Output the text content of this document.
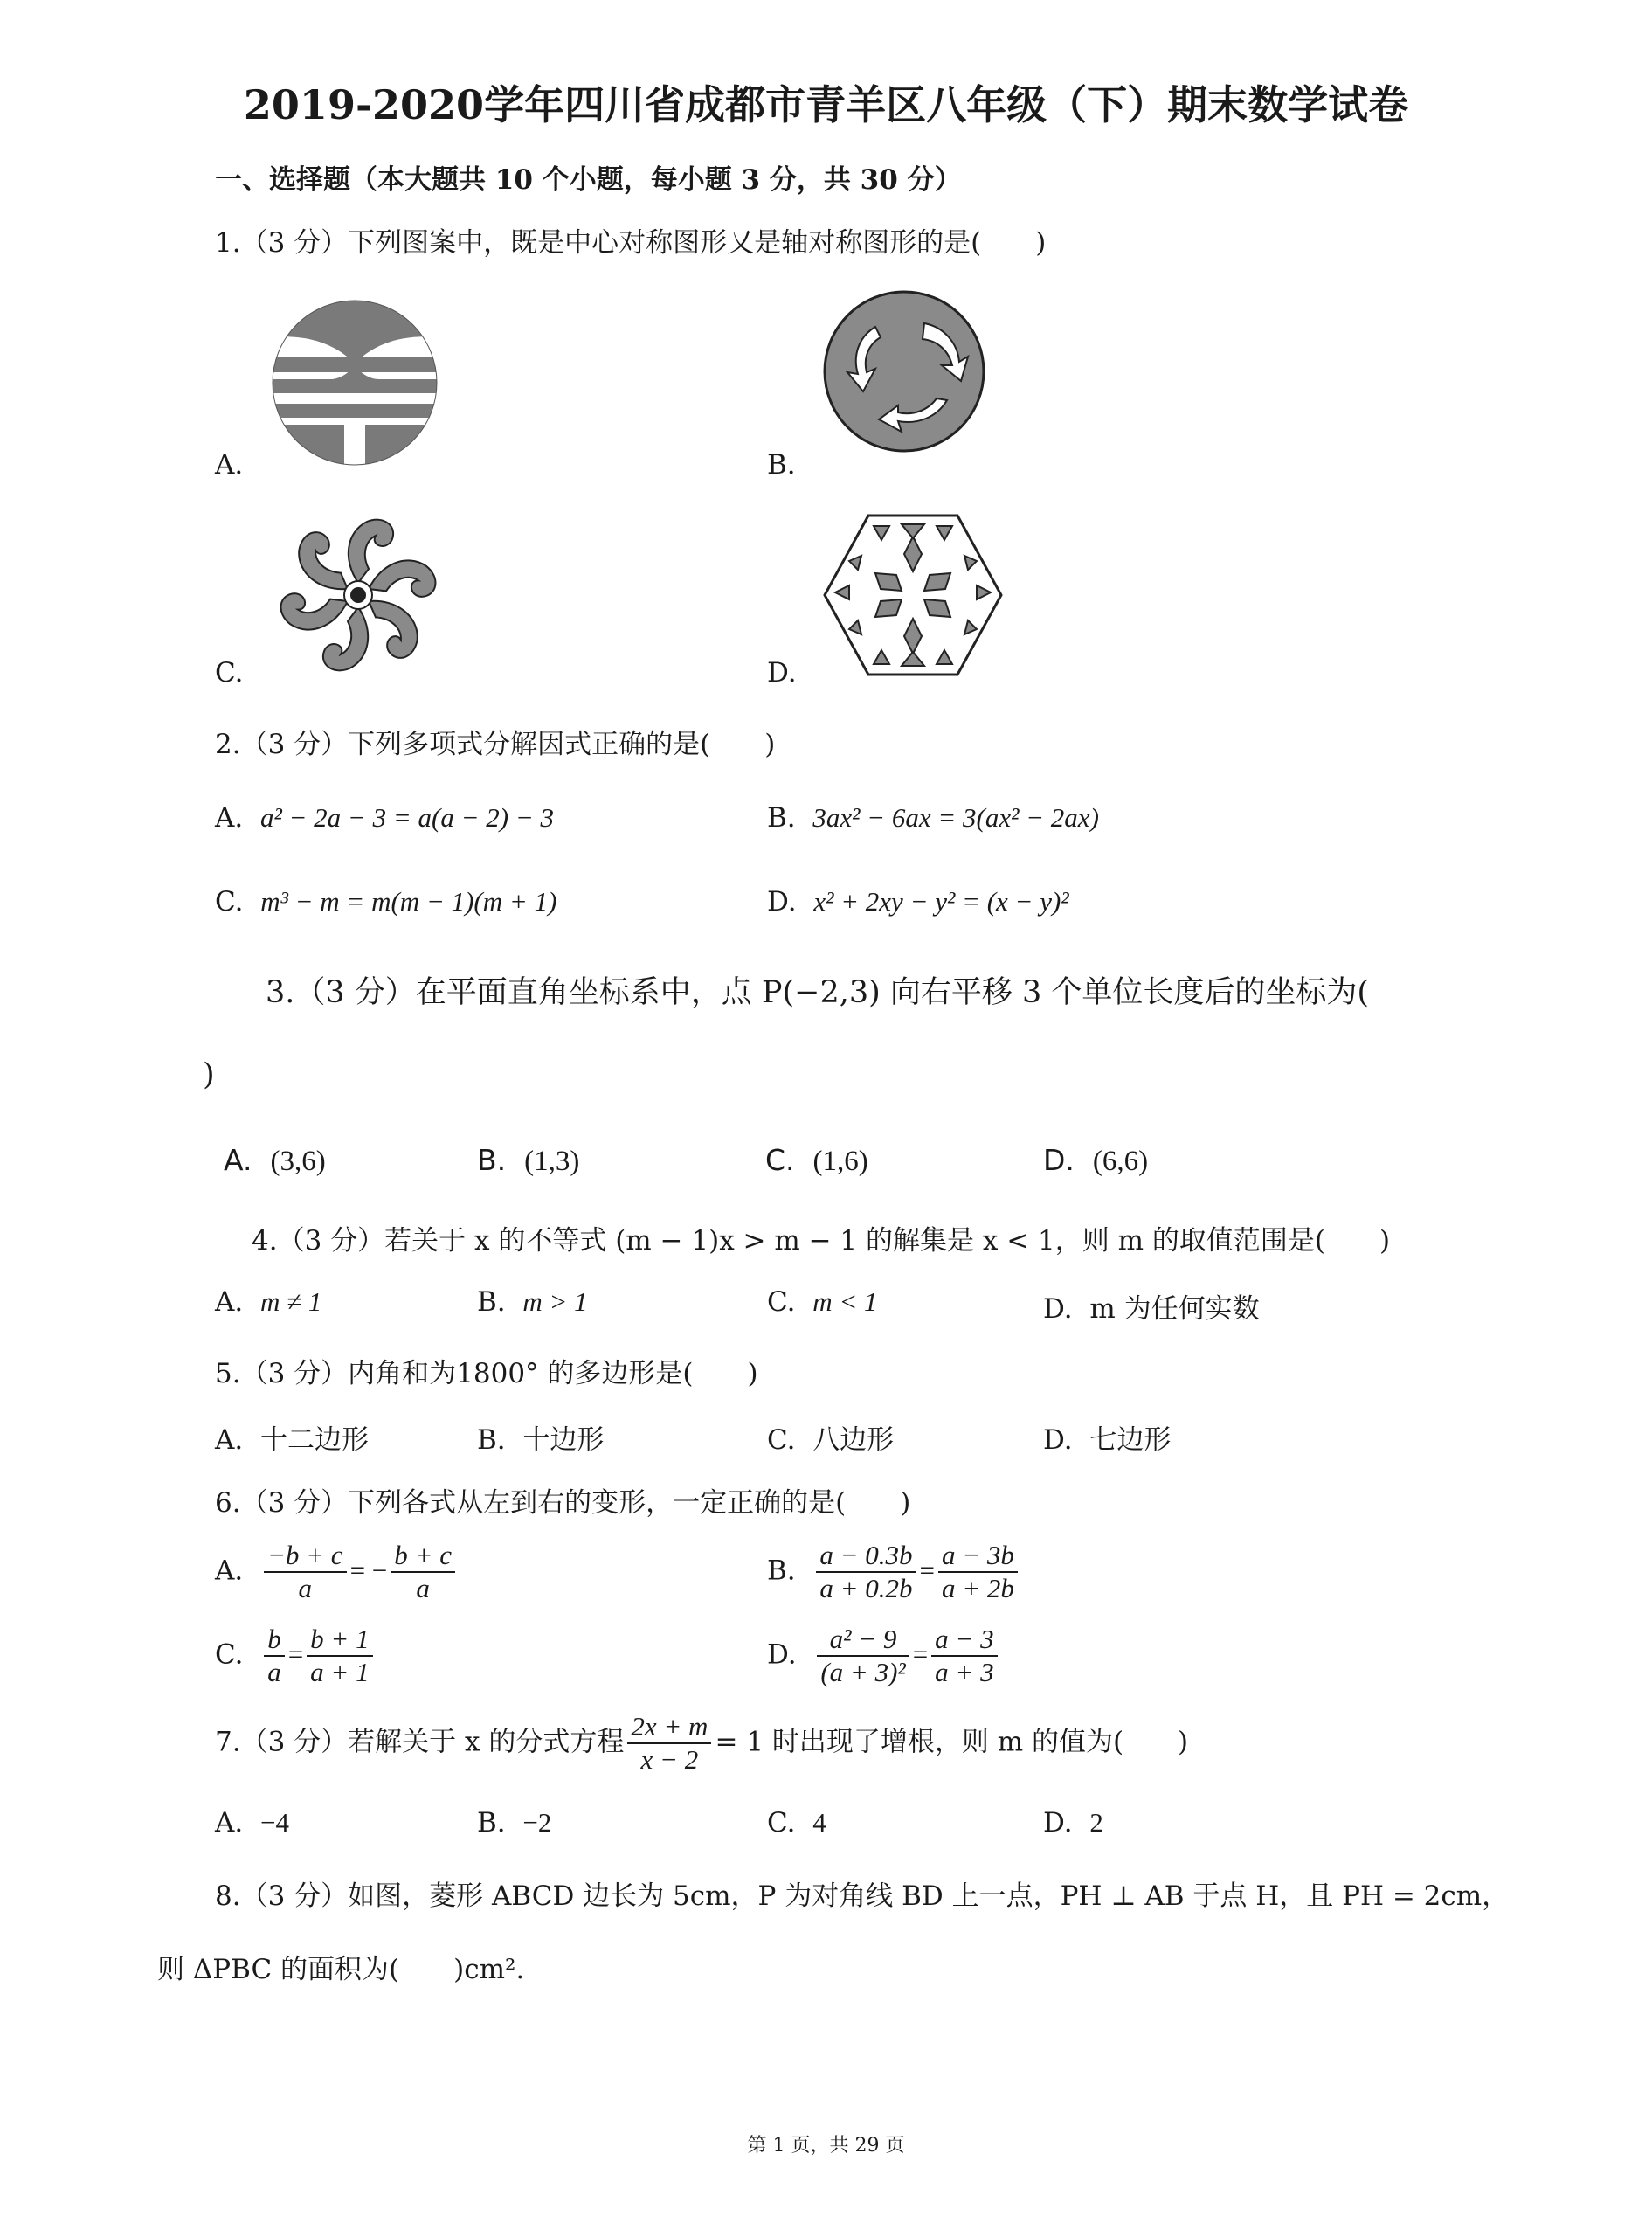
2019-2020学年四川省成都市青羊区八年级（下）期末数学试卷
一、选择题（本大题共 10 个小题，每小题 3 分，共 30 分）
1.（3 分）下列图案中，既是中心对称图形又是轴对称图形的是(　　)
A.	B.
C.	D.
2.（3 分）下列多项式分解因式正确的是(　　)
A. a² − 2a − 3 = a(a − 2) − 3	B. 3ax² − 6ax = 3(ax² − 2ax)
C. m³ − m = m(m − 1)(m + 1)	D. x² + 2xy − y² = (x − y)²
3.（3 分）在平面直角坐标系中，点 P(−2,3) 向右平移 3 个单位长度后的坐标为(
)
A. (3,6)	B. (1,3)	C. (1,6)	D. (6,6)
4.（3 分）若关于 x 的不等式 (m − 1)x > m − 1 的解集是 x < 1，则 m 的取值范围是(　　)
A. m ≠ 1	B. m > 1	C. m < 1	D. m 为任何实数
5.（3 分）内角和为1800° 的多边形是(　　)
A. 十二边形	B. 十边形	C. 八边形	D. 七边形
6.（3 分）下列各式从左到右的变形，一定正确的是(　　)
A. $\frac{-b + c}{a}$ = − $\frac{b + c}{a}$	B. $\frac{a - 0.3b}{a + 0.2b} = \frac{a - 3b}{a + 2b}$
C. $\frac{b}{a} = \frac{b + 1}{a + 1}$	D. $\frac{\text{a² − 9}}{\text{(a + 3)²}} = \frac{a - 3}{a + 3}$
7.（3 分）若解关于 x 的分式方程 $\frac{2x + m}{x - 2} = 1$ 时出现了增根，则 m 的值为(　　)
A. −4	B. −2	C. 4	D. 2
8.（3 分）如图，菱形 ABCD 边长为 5cm，P 为对角线 BD 上一点，PH ⊥ AB 于点 H，且 PH = 2cm，
则 ΔPBC 的面积为(　　)cm².
第 1 页，共 29 页
